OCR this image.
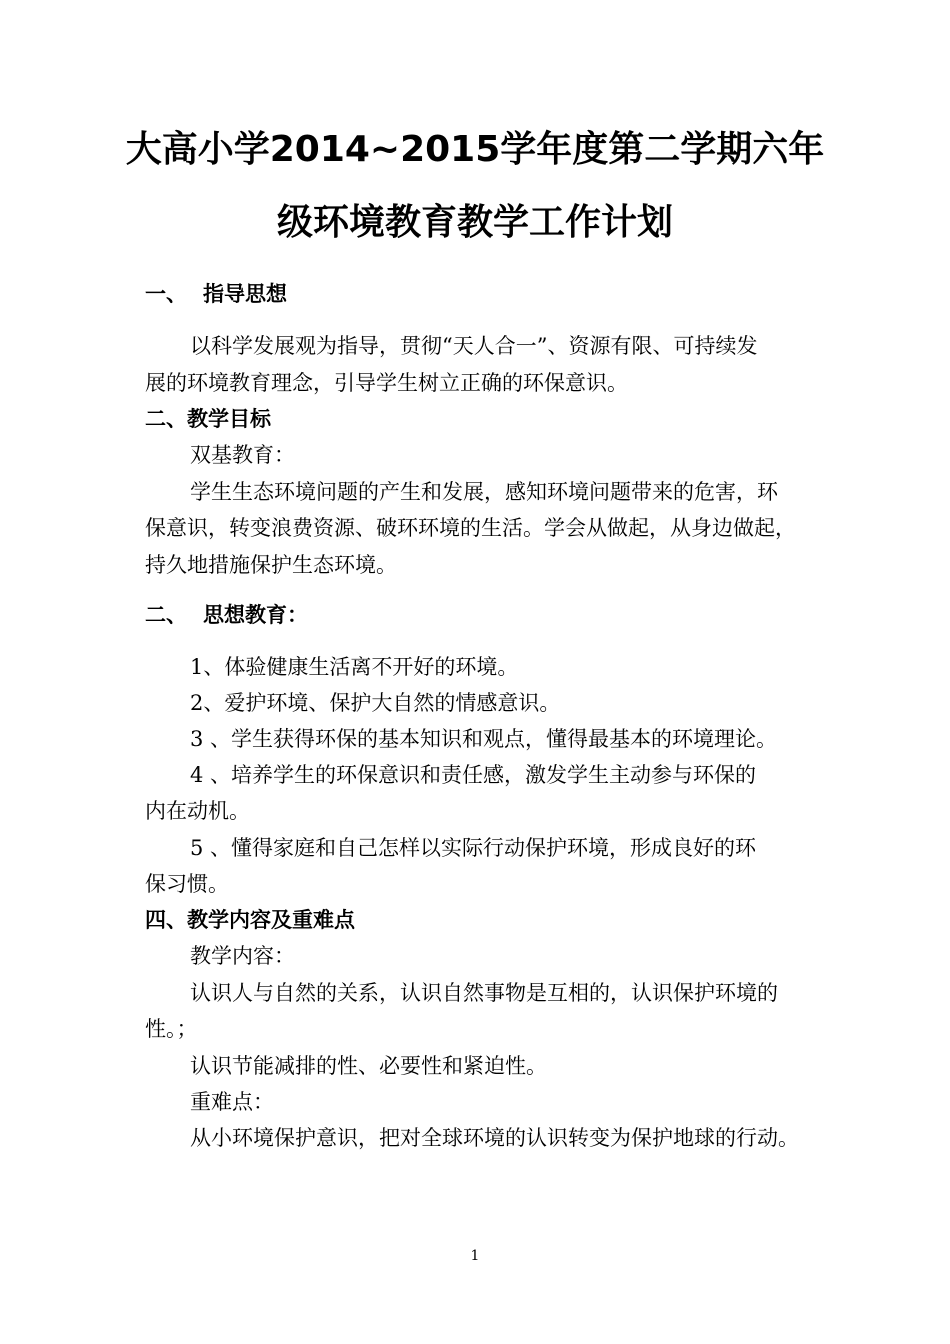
大高小学2014~2015学年度第二学期六年
级环境教育教学工作计划
一、 指导思想
以科学发展观为指导，贯彻“天人合一”、资源有限、可持续发
展的环境教育理念，引导学生树立正确的环保意识。
二、教学目标
双基教育：
学生生态环境问题的产生和发展，感知环境问题带来的危害，环
保意识，转变浪费资源、破环环境的生活。学会从做起，从身边做起，
持久地措施保护生态环境。
二、 思想教育：
1、体验健康生活离不开好的环境。
2、爱护环境、保护大自然的情感意识。
3 、学生获得环保的基本知识和观点，懂得最基本的环境理论。
4 、培养学生的环保意识和责任感，激发学生主动参与环保的
内在动机。
5 、懂得家庭和自己怎样以实际行动保护环境，形成良好的环
保习惯。
四、教学内容及重难点
教学内容：
认识人与自然的关系，认识自然事物是互相的，认识保护环境的
性。；
认识节能减排的性、必要性和紧迫性。
重难点：
从小环境保护意识，把对全球环境的认识转变为保护地球的行动。
1
